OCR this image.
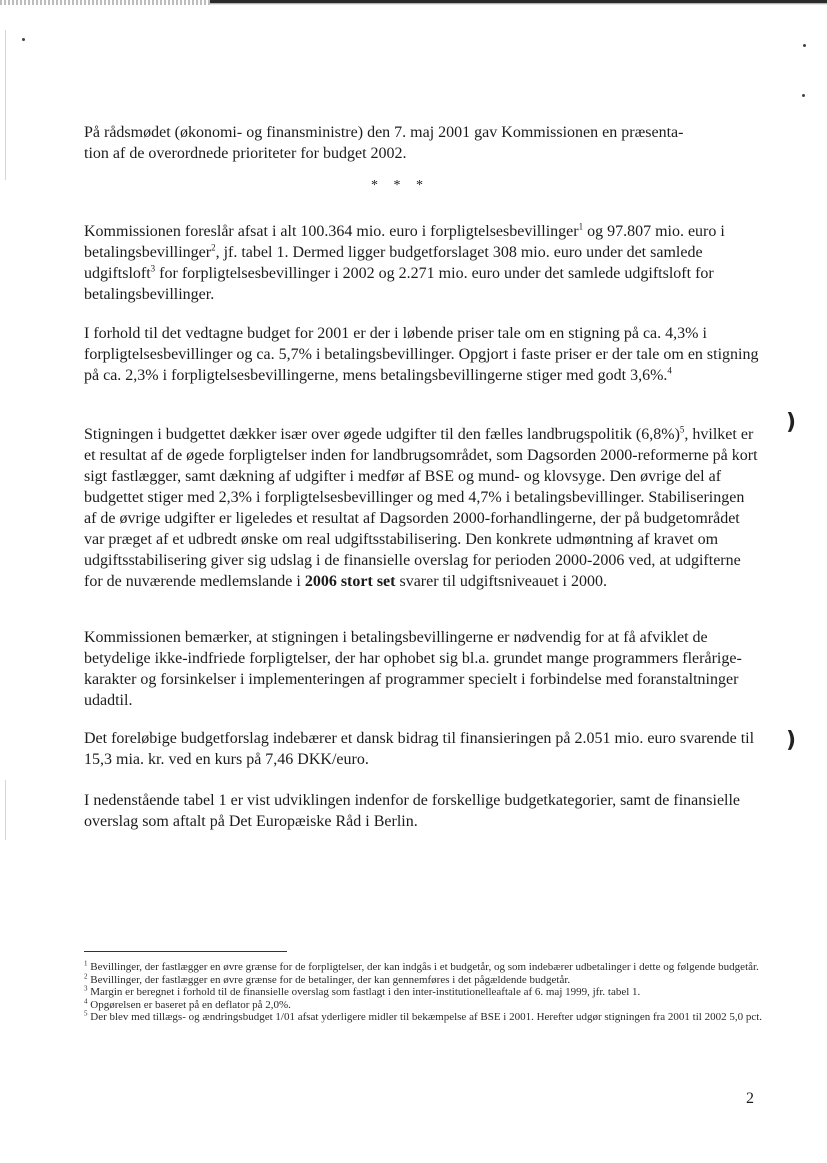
)
)

På rådsmødet (økonomi- og finansministre) den 7. maj 2001 gav Kommissionen en præsenta-
tion af de overordnede prioriteter for budget 2002.

* * *

Kommissionen foreslår afsat i alt 100.364 mio. euro i forpligtelsesbevillinger$^1$ og 97.807 mio. euro i betalingsbevillinger$^2$, jf. tabel 1. Dermed ligger budgetforslaget 308 mio. euro under det samlede udgiftsloft$^3$ for forpligtelsesbevillinger i 2002 og 2.271 mio. euro under det samlede udgiftsloft for betalingsbevillinger.

I forhold til det vedtagne budget for 2001 er der i løbende priser tale om en stigning på ca. 4,3% i forpligtelsesbevillinger og ca. 5,7% i betalingsbevillinger. Opgjort i faste priser er der tale om en stigning på ca. 2,3% i forpligtelsesbevillingerne, mens betalingsbevillingerne stiger med godt 3,6%.$^4$

Stigningen i budgettet dækker især over øgede udgifter til den fælles landbrugspolitik $(6,8\%)^5$, hvilket er et resultat af de øgede forpligtelser inden for landbrugsområdet, som Dagsorden 2000-reformerne på kort sigt fastlægger, samt dækning af udgifter i medfør af BSE og mund- og klovsyge. Den øvrige del af budgettet stiger med 2,3% i forpligtelsesbevillinger og med 4,7% i betalingsbevillinger. Stabiliseringen af de øvrige udgifter er ligeledes et resultat af Dagsorden 2000-forhandlingerne, der på budgetområdet var præget af et udbredt ønske om real udgiftsstabilisering. Den konkrete udmøntning af kravet om udgiftsstabilisering giver sig udslag i de finansielle overslag for perioden 2000-2006 ved, at udgifterne for de nuværende medlemslande i 2006 stort set svarer til udgiftsniveauet i 2000.

Kommissionen bemærker, at stigningen i betalingsbevillingerne er nødvendig for at få afviklet de betydelige ikke-indfriede forpligtelser, der har ophobet sig bl.a. grundet mange programmers flerårige-karakter og forsinkelser i implementeringen af programmer specielt i forbindelse med foranstaltninger udadtil.

Det foreløbige budgetforslag indebærer et dansk bidrag til finansieringen på 2.051 mio. euro svarende til 15,3 mia. kr. ved en kurs på 7,46 DKK/euro.

I nedenstående tabel 1 er vist udviklingen indenfor de forskellige budgetkategorier, samt de finansielle overslag som aftalt på Det Europæiske Råd i Berlin.

$^1$ Bevillinger, der fastlægger en øvre grænse for de forpligtelser, der kan indgås i et budgetår, og som indebærer udbetalinger i dette og følgende budgetår.

$^2$ Bevillinger, der fastlægger en øvre grænse for de betalinger, der kan gennemføres i det pågældende budgetår.

$^3$ Margin er beregnet i forhold til de finansielle overslag som fastlagt i den inter-institutionelleaftale af 6. maj 1999, jfr. tabel 1.

$^4$ Opgørelsen er baseret på en deflator på 2,0%.

$^5$ Der blev med tillægs- og ændringsbudget 1/01 afsat yderligere midler til bekæmpelse af BSE i 2001. Herefter udgør stigningen fra 2001 til 2002 5,0 pct.

2
